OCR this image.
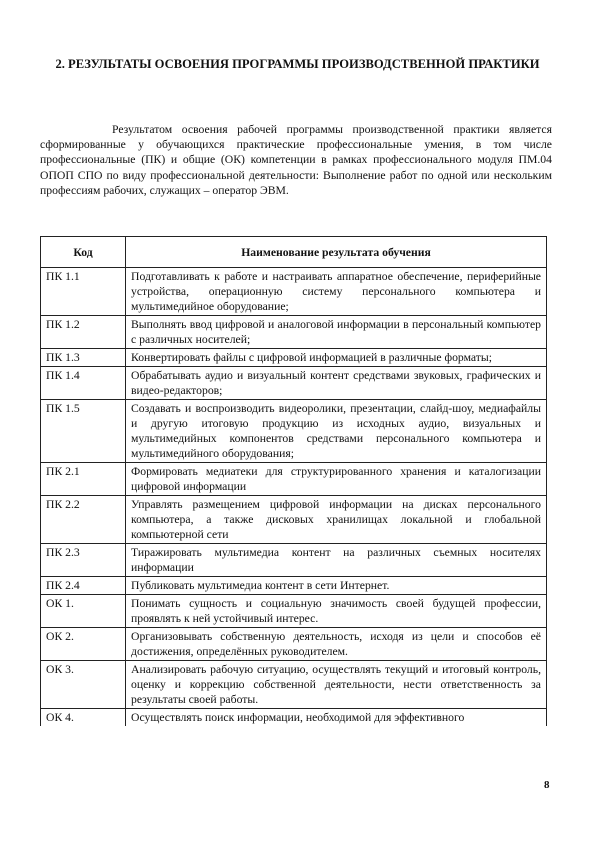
2. РЕЗУЛЬТАТЫ ОСВОЕНИЯ ПРОГРАММЫ ПРОИЗВОДСТВЕННОЙ ПРАКТИКИ

Результатом освоения рабочей программы производственной практики является сформированные у обучающихся практические профессиональные умения, в том числе профессиональные (ПК) и общие (ОК) компетенции в рамках профессионального модуля ПМ.04 ОПОП СПО по виду профессиональной деятельности: Выполнение работ по одной или нескольким профессиям рабочих, служащих – оператор ЭВМ.

Код	Наименование результата обучения
ПК 1.1	Подготавливать к работе и настраивать аппаратное обеспечение, периферийные устройства, операционную систему персонального компьютера и мультимедийное оборудование;
ПК 1.2	Выполнять ввод цифровой и аналоговой информации в персональный компьютер с различных носителей;
ПК 1.3	Конвертировать файлы с цифровой информацией в различные форматы;
ПК 1.4	Обрабатывать аудио и визуальный контент средствами звуковых, графических и видео-редакторов;
ПК 1.5	Создавать и воспроизводить видеоролики, презентации, слайд-шоу, медиафайлы и другую итоговую продукцию из исходных аудио, визуальных и мультимедийных компонентов средствами персонального компьютера и мультимедийного оборудования;
ПК 2.1	Формировать медиатеки для структурированного хранения и каталогизации цифровой информации
ПК 2.2	Управлять размещением цифровой информации на дисках персонального компьютера, а также дисковых хранилищах локальной и глобальной компьютерной сети
ПК 2.3	Тиражировать мультимедиа контент на различных съемных носителях информации
ПК 2.4	Публиковать мультимедиа контент в сети Интернет.
ОК 1.	Понимать сущность и социальную значимость своей будущей профессии, проявлять к ней устойчивый интерес.
ОК 2.	Организовывать собственную деятельность, исходя из цели и способов её достижения, определённых руководителем.
ОК 3.	Анализировать рабочую ситуацию, осуществлять текущий и итоговый контроль, оценку и коррекцию собственной деятельности, нести ответственность за результаты своей работы.
ОК 4.	Осуществлять поиск информации, необходимой для эффективного
8
